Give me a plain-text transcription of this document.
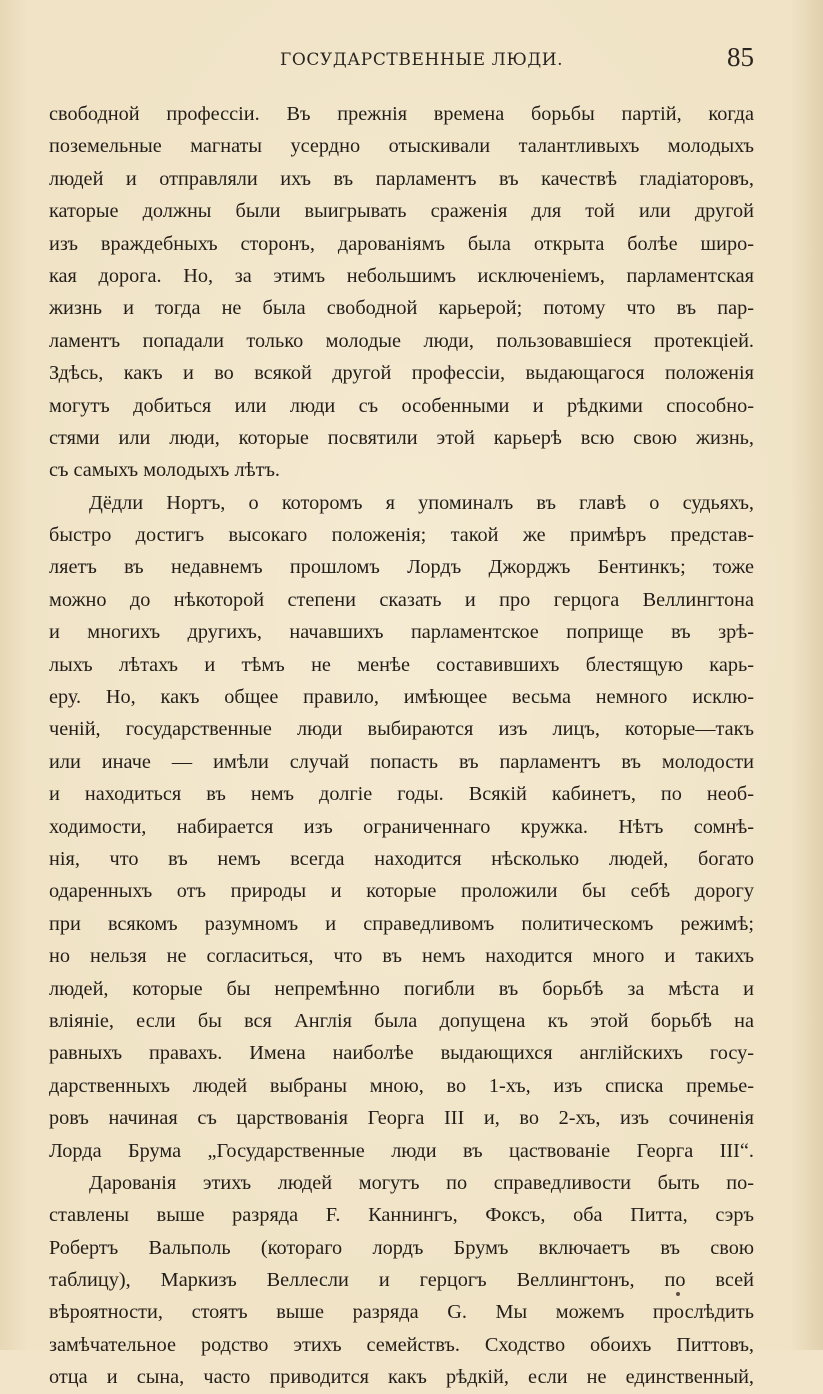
ГОСУДАРСТВЕННЫЕ ЛЮДИ.	85
свободной профессіи. Въ прежнія времена борьбы партій, когда
поземельные магнаты усердно отыскивали талантливыхъ молодыхъ
людей и отправляли ихъ въ парламентъ въ качествѣ гладіаторовъ,
каторые должны были выигрывать сраженія для той или другой
изъ враждебныхъ сторонъ, дарованіямъ была открыта болѣе широ-
кая дорога. Но, за этимъ небольшимъ исключеніемъ, парламентская
жизнь и тогда не была свободной карьерой; потому что въ пар-
ламентъ попадали только молодые люди, пользовавшіеся протекціей.
Здѣсь, какъ и во всякой другой профессіи, выдающагося положенія
могутъ добиться или люди съ особенными и рѣдкими способно-
стями или люди, которые посвятили этой карьерѣ всю свою жизнь,
съ самыхъ молодыхъ лѣтъ.
Дёдли Нортъ, о которомъ я упоминалъ въ главѣ о судьяхъ,
быстро достигъ высокаго положенія; такой же примѣръ представ-
ляетъ въ недавнемъ прошломъ Лордъ Джорджъ Бентинкъ; тоже
можно до нѣкоторой степени сказать и про герцога Веллингтона
и многихъ другихъ, начавшихъ парламентское поприще въ зрѣ-
лыхъ лѣтахъ и тѣмъ не менѣе составившихъ блестящую карь-
еру. Но, какъ общее правило, имѣющее весьма немного исклю-
ченій, государственные люди выбираются изъ лицъ, которые—такъ
или иначе — имѣли случай попасть въ парламентъ въ молодости
и находиться въ немъ долгіе годы. Всякій кабинетъ, по необ-
ходимости, набирается изъ ограниченнаго кружка. Нѣтъ сомнѣ-
нія, что въ немъ всегда находится нѣсколько людей, богато
одаренныхъ отъ природы и которые проложили бы себѣ дорогу
при всякомъ разумномъ и справедливомъ политическомъ режимѣ;
но нельзя не согласиться, что въ немъ находится много и такихъ
людей, которые бы непремѣнно погибли въ борьбѣ за мѣста и
вліяніе, если бы вся Англія была допущена къ этой борьбѣ на
равныхъ правахъ. Имена наиболѣе выдающихся англійскихъ госу-
дарственныхъ людей выбраны мною, во 1-хъ, изъ списка премье-
ровъ начиная съ царствованія Георга III и, во 2-хъ, изъ сочиненія
Лорда Брума „Государственные люди въ цаствованіе Георга III“.
Дарованія этихъ людей могутъ по справедливости быть по-
ставлены выше разряда F. Каннингъ, Фоксъ, оба Питта, сэръ
Робертъ Вальполь (котораго лордъ Брумъ включаетъ въ свою
таблицу), Маркизъ Веллесли и герцогъ Веллингтонъ, по всей
вѣроятности, стоятъ выше разряда G. Мы можемъ прослѣдить
замѣчательное родство этихъ семействъ. Сходство обоихъ Питтовъ,
отца и сына, часто приводится какъ рѣдкій, если не единственный,
